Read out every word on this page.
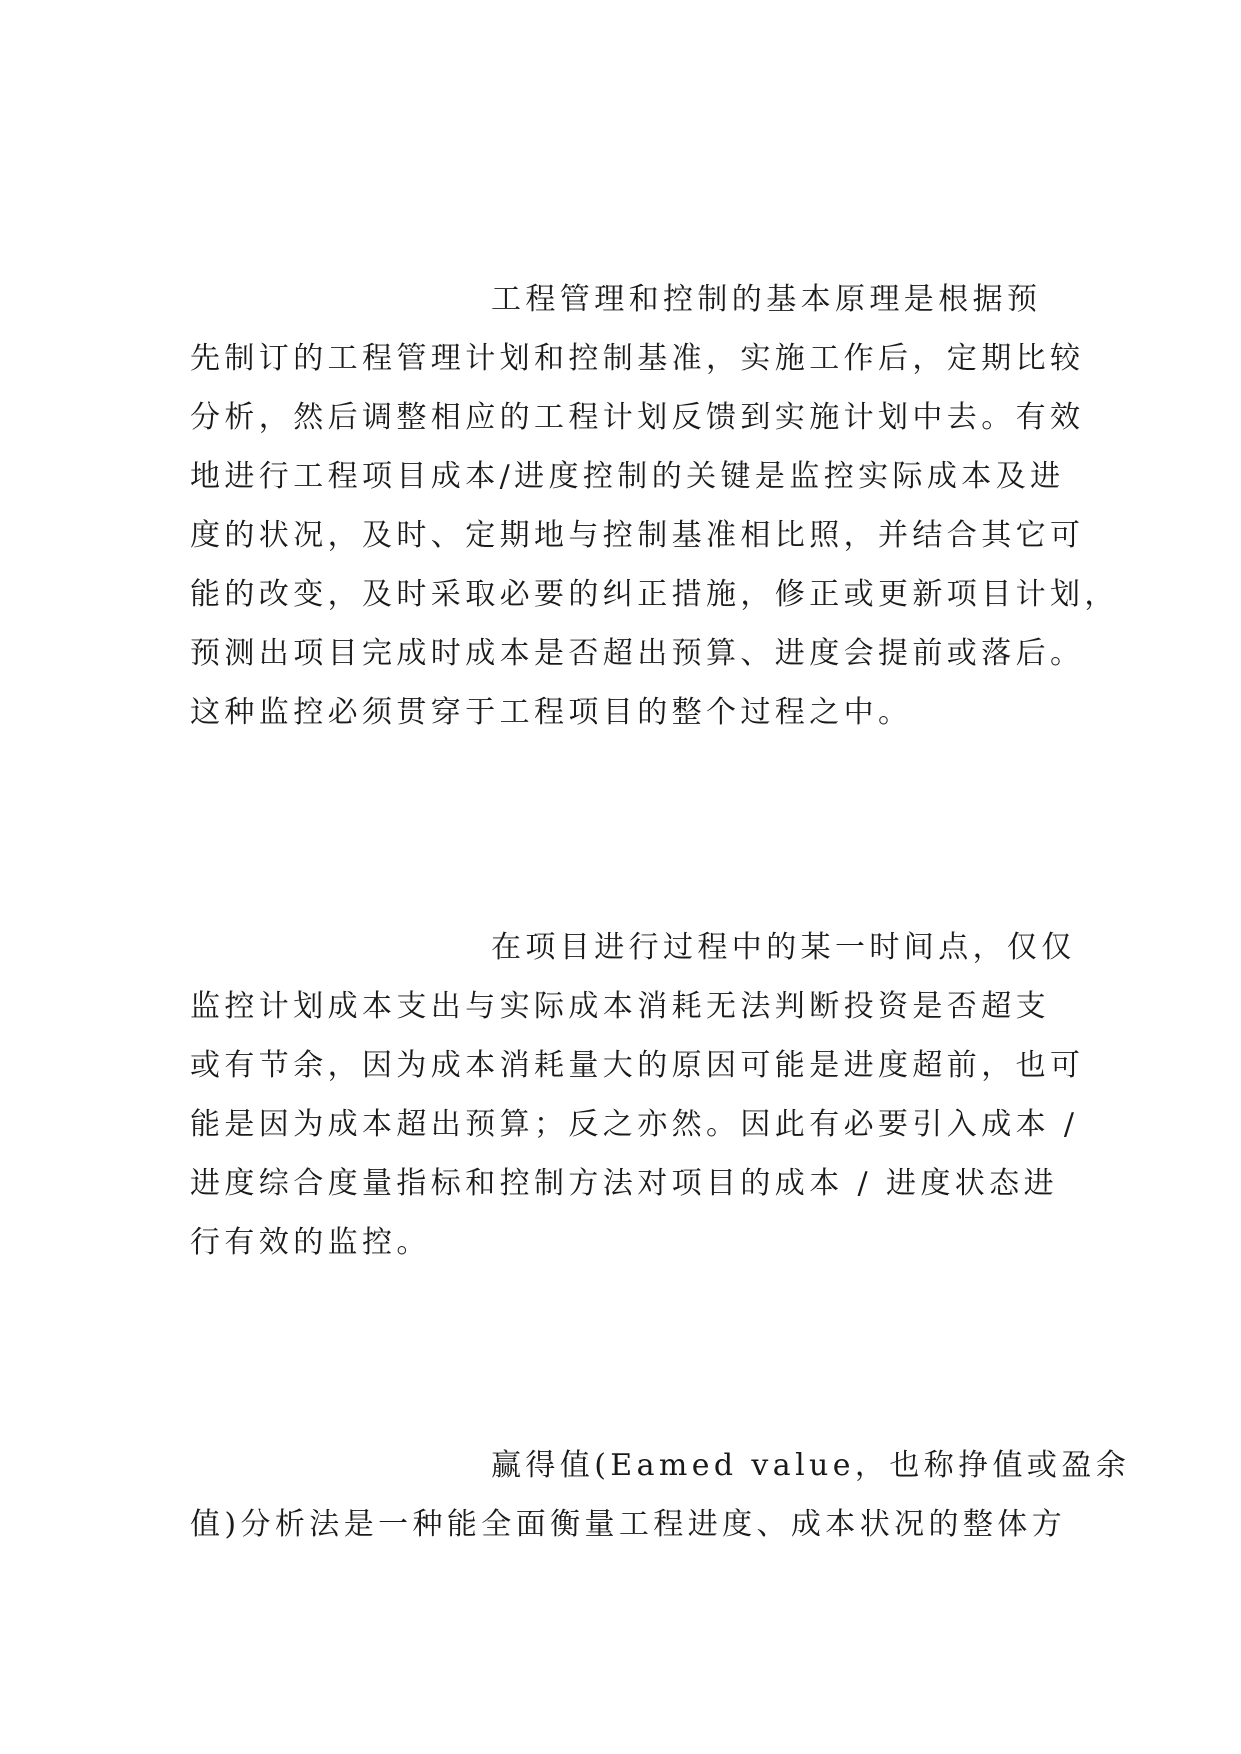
工程管理和控制的基本原理是根据预
先制订的工程管理计划和控制基准，实施工作后，定期比较
分析，然后调整相应的工程计划反馈到实施计划中去。有效
地进行工程项目成本/进度控制的关键是监控实际成本及进
度的状况，及时、定期地与控制基准相比照，并结合其它可
能的改变，及时采取必要的纠正措施，修正或更新项目计划，
预测出项目完成时成本是否超出预算、进度会提前或落后。
这种监控必须贯穿于工程项目的整个过程之中。
在项目进行过程中的某一时间点，仅仅
监控计划成本支出与实际成本消耗无法判断投资是否超支
或有节余，因为成本消耗量大的原因可能是进度超前，也可
能是因为成本超出预算；反之亦然。因此有必要引入成本 /
进度综合度量指标和控制方法对项目的成本 / 进度状态进
行有效的监控。
赢得值(Eamed value，也称挣值或盈余
值)分析法是一种能全面衡量工程进度、成本状况的整体方
